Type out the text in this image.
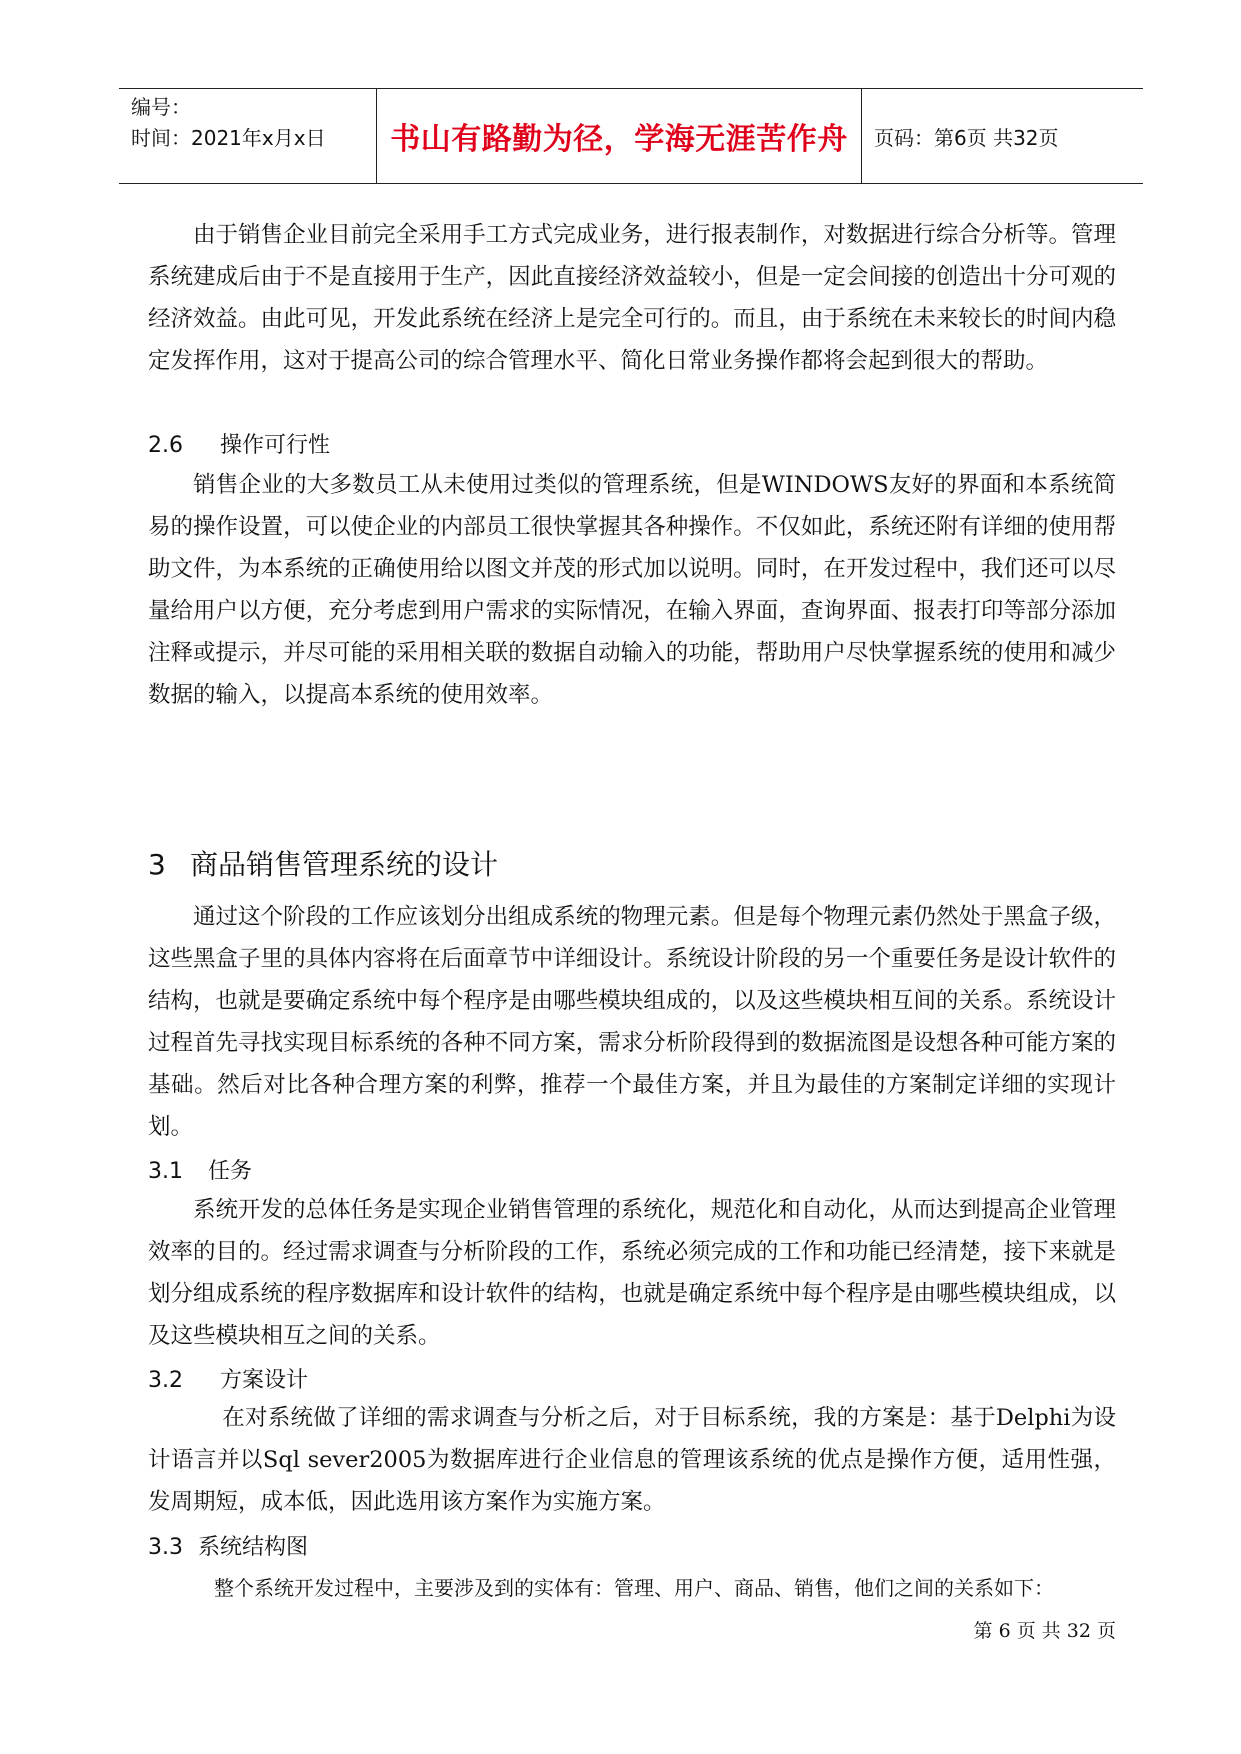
编号：
时间：2021年x月x日	书山有路勤为径，学海无涯苦作舟	页码：第6页 共32页

由于销售企业目前完全采用手工方式完成业务，进行报表制作，对数据进行综合分析等。管理系统建成后由于不是直接用于生产，因此直接经济效益较小，但是一定会间接的创造出十分可观的经济效益。由此可见，开发此系统在经济上是完全可行的。而且，由于系统在未来较长的时间内稳定发挥作用，这对于提高公司的综合管理水平、简化日常业务操作都将会起到很大的帮助。

2.6 操作可行性

销售企业的大多数员工从未使用过类似的管理系统，但是WINDOWS友好的界面和本系统简易的操作设置，可以使企业的内部员工很快掌握其各种操作。不仅如此，系统还附有详细的使用帮助文件，为本系统的正确使用给以图文并茂的形式加以说明。同时，在开发过程中，我们还可以尽量给用户以方便，充分考虑到用户需求的实际情况，在输入界面，查询界面、报表打印等部分添加注释或提示，并尽可能的采用相关联的数据自动输入的功能，帮助用户尽快掌握系统的使用和减少数据的输入，以提高本系统的使用效率。

3 商品销售管理系统的设计

通过这个阶段的工作应该划分出组成系统的物理元素。但是每个物理元素仍然处于黑盒子级，这些黑盒子里的具体内容将在后面章节中详细设计。系统设计阶段的另一个重要任务是设计软件的结构，也就是要确定系统中每个程序是由哪些模块组成的，以及这些模块相互间的关系。系统设计过程首先寻找实现目标系统的各种不同方案，需求分析阶段得到的数据流图是设想各种可能方案的基础。然后对比各种合理方案的利弊，推荐一个最佳方案，并且为最佳的方案制定详细的实现计划。

3.1 任务

系统开发的总体任务是实现企业销售管理的系统化，规范化和自动化，从而达到提高企业管理效率的目的。经过需求调查与分析阶段的工作，系统必须完成的工作和功能已经清楚，接下来就是划分组成系统的程序数据库和设计软件的结构，也就是确定系统中每个程序是由哪些模块组成，以及这些模块相互之间的关系。

3.2 方案设计

在对系统做了详细的需求调查与分析之后，对于目标系统，我的方案是：基于Delphi为设计语言并以Sql sever2005为数据库进行企业信息的管理该系统的优点是操作方便，适用性强，发周期短，成本低，因此选用该方案作为实施方案。

3.3 系统结构图

整个系统开发过程中，主要涉及到的实体有：管理、用户、商品、销售，他们之间的关系如下：

第 6 页 共 32 页
